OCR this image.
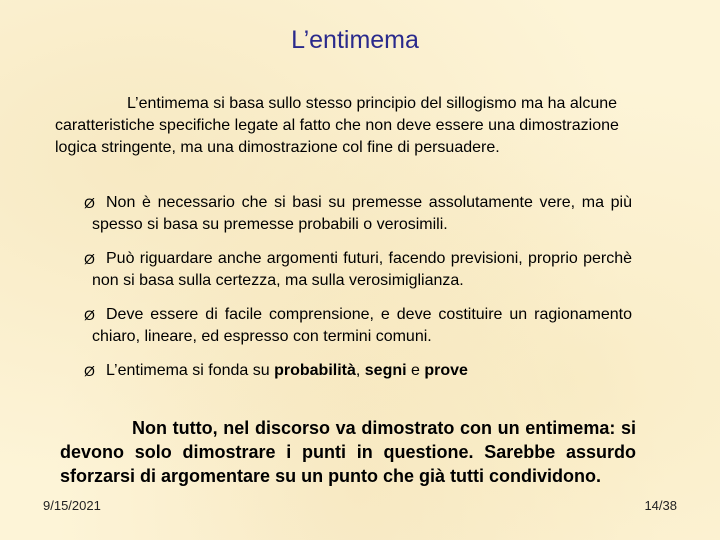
L’entimema

L’entimema si basa sullo stesso principio del sillogismo ma ha alcune caratteristiche specifiche legate al fatto che non deve essere una dimostrazione logica stringente, ma una dimostrazione col fine di persuadere.

Ø Non è necessario che si basi su premesse assolutamente vere, ma più spesso si basa su premesse probabili o verosimili.
Ø Può riguardare anche argomenti futuri, facendo previsioni, proprio perchè non si basa sulla certezza, ma sulla verosimiglianza.
Ø Deve essere di facile comprensione, e deve costituire un ragionamento chiaro, lineare, ed espresso con termini comuni.
Ø L’entimema si fonda su probabilità, segni e prove

Non tutto, nel discorso va dimostrato con un entimema: si devono solo dimostrare i punti in questione. Sarebbe assurdo sforzarsi di argomentare su un punto che già tutti condividono.

9/15/2021	14/38
